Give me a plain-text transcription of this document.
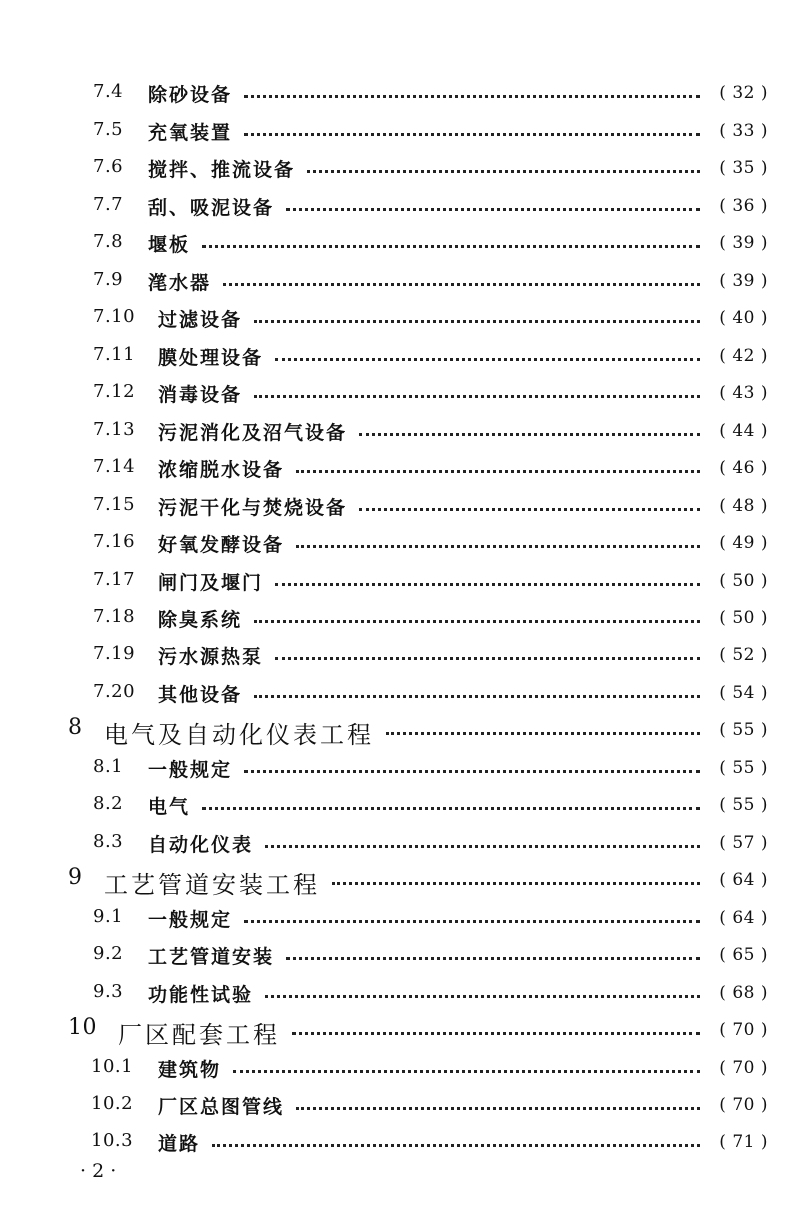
7.4 除砂设备	( 32 )
7.5 充氧装置	( 33 )
7.6 搅拌、推流设备	( 35 )
7.7 刮、吸泥设备	( 36 )
7.8 堰板	( 39 )
7.9 滗水器	( 39 )
7.10 过滤设备	( 40 )
7.11 膜处理设备	( 42 )
7.12 消毒设备	( 43 )
7.13 污泥消化及沼气设备	( 44 )
7.14 浓缩脱水设备	( 46 )
7.15 污泥干化与焚烧设备	( 48 )
7.16 好氧发酵设备	( 49 )
7.17 闸门及堰门	( 50 )
7.18 除臭系统	( 50 )
7.19 污水源热泵	( 52 )
7.20 其他设备	( 54 )
8 电气及自动化仪表工程	( 55 )
8.1 一般规定	( 55 )
8.2 电气	( 55 )
8.3 自动化仪表	( 57 )
9 工艺管道安装工程	( 64 )
9.1 一般规定	( 64 )
9.2 工艺管道安装	( 65 )
9.3 功能性试验	( 68 )
10 厂区配套工程	( 70 )
10.1 建筑物	( 70 )
10.2 厂区总图管线	( 70 )
10.3 道路	( 71 )
· 2 ·
